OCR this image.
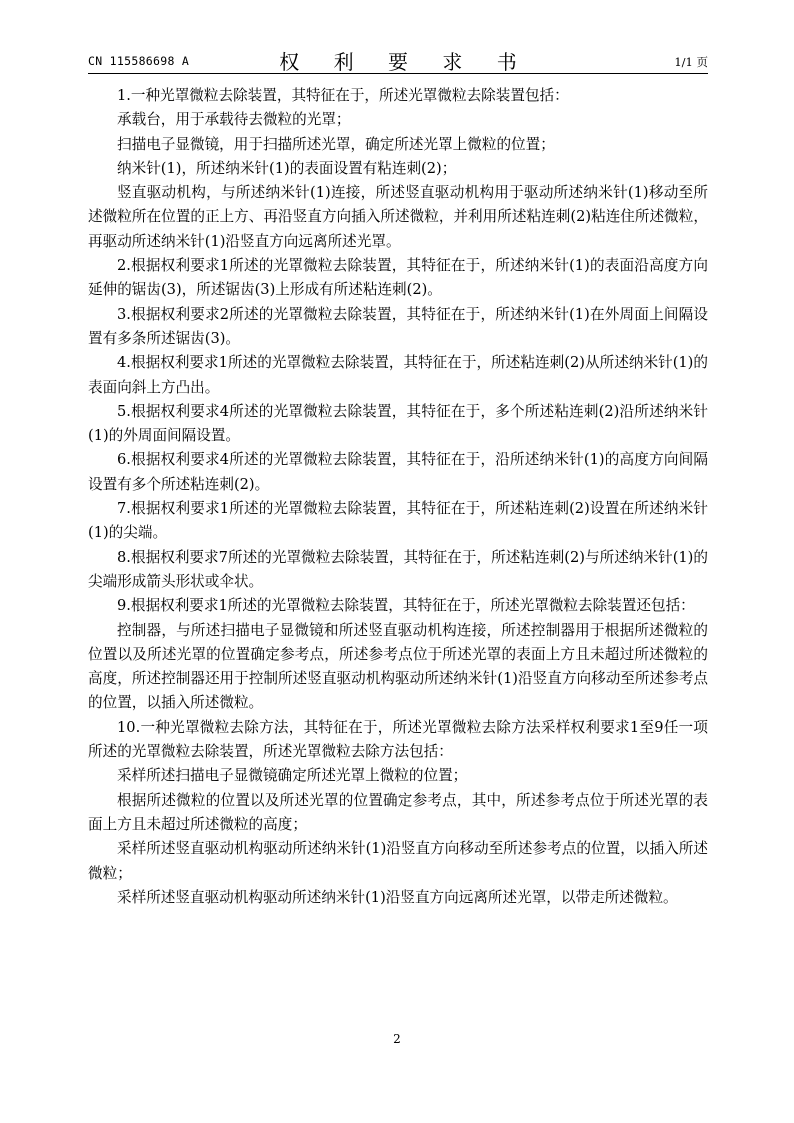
CN 115586698 A	权 利 要 求 书	1/1 页

1.一种光罩微粒去除装置，其特征在于，所述光罩微粒去除装置包括：

承载台，用于承载待去微粒的光罩；

扫描电子显微镜，用于扫描所述光罩，确定所述光罩上微粒的位置；

纳米针(1)，所述纳米针(1)的表面设置有粘连刺(2)；

竖直驱动机构，与所述纳米针(1)连接，所述竖直驱动机构用于驱动所述纳米针(1)移动至所述微粒所在位置的正上方、再沿竖直方向插入所述微粒，并利用所述粘连刺(2)粘连住所述微粒，再驱动所述纳米针(1)沿竖直方向远离所述光罩。

2.根据权利要求1所述的光罩微粒去除装置，其特征在于，所述纳米针(1)的表面沿高度方向延伸的锯齿(3)，所述锯齿(3)上形成有所述粘连刺(2)。

3.根据权利要求2所述的光罩微粒去除装置，其特征在于，所述纳米针(1)在外周面上间隔设置有多条所述锯齿(3)。

4.根据权利要求1所述的光罩微粒去除装置，其特征在于，所述粘连刺(2)从所述纳米针(1)的表面向斜上方凸出。

5.根据权利要求4所述的光罩微粒去除装置，其特征在于，多个所述粘连刺(2)沿所述纳米针(1)的外周面间隔设置。

6.根据权利要求4所述的光罩微粒去除装置，其特征在于，沿所述纳米针(1)的高度方向间隔设置有多个所述粘连刺(2)。

7.根据权利要求1所述的光罩微粒去除装置，其特征在于，所述粘连刺(2)设置在所述纳米针(1)的尖端。

8.根据权利要求7所述的光罩微粒去除装置，其特征在于，所述粘连刺(2)与所述纳米针(1)的尖端形成箭头形状或伞状。

9.根据权利要求1所述的光罩微粒去除装置，其特征在于，所述光罩微粒去除装置还包括：

控制器，与所述扫描电子显微镜和所述竖直驱动机构连接，所述控制器用于根据所述微粒的位置以及所述光罩的位置确定参考点，所述参考点位于所述光罩的表面上方且未超过所述微粒的高度，所述控制器还用于控制所述竖直驱动机构驱动所述纳米针(1)沿竖直方向移动至所述参考点的位置，以插入所述微粒。

10.一种光罩微粒去除方法，其特征在于，所述光罩微粒去除方法采样权利要求1至9任一项所述的光罩微粒去除装置，所述光罩微粒去除方法包括：

采样所述扫描电子显微镜确定所述光罩上微粒的位置；

根据所述微粒的位置以及所述光罩的位置确定参考点，其中，所述参考点位于所述光罩的表面上方且未超过所述微粒的高度；

采样所述竖直驱动机构驱动所述纳米针(1)沿竖直方向移动至所述参考点的位置，以插入所述微粒；

采样所述竖直驱动机构驱动所述纳米针(1)沿竖直方向远离所述光罩，以带走所述微粒。

2
